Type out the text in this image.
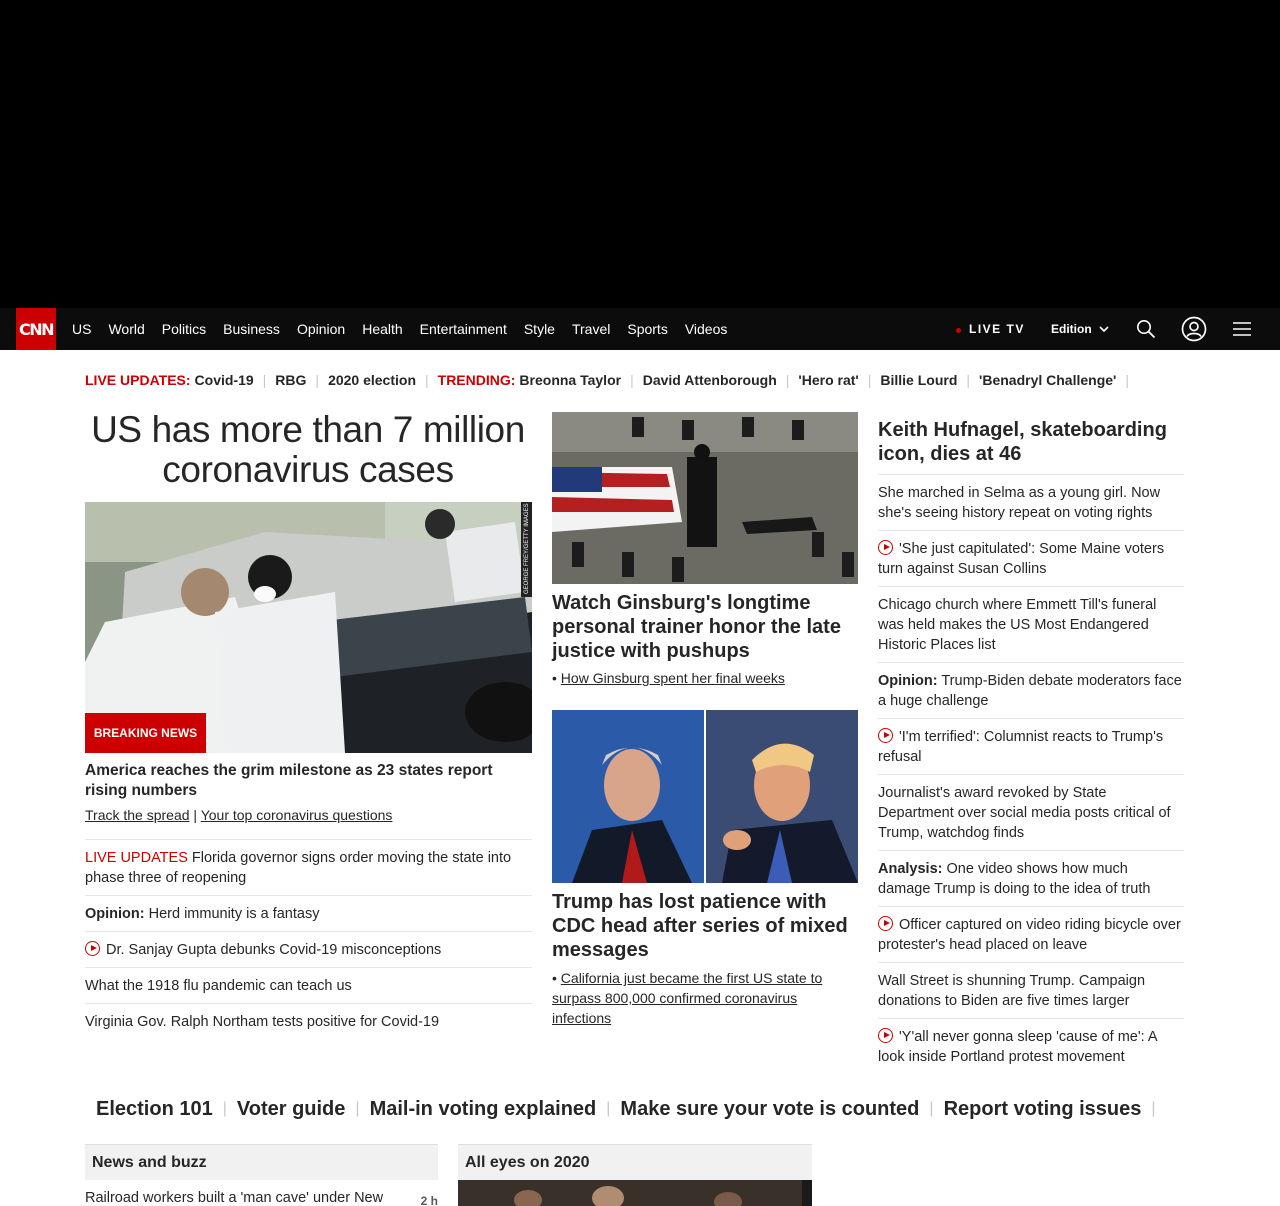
CNN US World Politics Business Opinion Health Entertainment Style Travel Sports Videos	LIVE TV Edition
LIVE UPDATES: Covid-19 | RBG | 2020 election | TRENDING: Breonna Taylor | David Attenborough | 'Hero rat' | Billie Lourd | 'Benadryl Challenge' |
US has more than 7 million coronavirus cases
GEORGE FREY/GETTY IMAGES
BREAKING NEWS
America reaches the grim milestone as 23 states report rising numbers
Track the spread | Your top coronavirus questions
LIVE UPDATES Florida governor signs order moving the state into phase three of reopening
Opinion: Herd immunity is a fantasy
Dr. Sanjay Gupta debunks Covid-19 misconceptions
What the 1918 flu pandemic can teach us
Virginia Gov. Ralph Northam tests positive for Covid-19
Watch Ginsburg's longtime personal trainer honor the late justice with pushups
• How Ginsburg spent her final weeks
Trump has lost patience with CDC head after series of mixed messages
• California just became the first US state to surpass 800,000 confirmed coronavirus infections
Keith Hufnagel, skateboarding icon, dies at 46
She marched in Selma as a young girl. Now she's seeing history repeat on voting rights
'She just capitulated': Some Maine voters turn against Susan Collins
Chicago church where Emmett Till's funeral was held makes the US Most Endangered Historic Places list
Opinion: Trump-Biden debate moderators face a huge challenge
'I'm terrified': Columnist reacts to Trump's refusal
Journalist's award revoked by State Department over social media posts critical of Trump, watchdog finds
Analysis: One video shows how much damage Trump is doing to the idea of truth
Officer captured on video riding bicycle over protester's head placed on leave
Wall Street is shunning Trump. Campaign donations to Biden are five times larger
'Y'all never gonna sleep 'cause of me': A look inside Portland protest movement
Election 101 | Voter guide | Mail-in voting explained | Make sure your vote is counted | Report voting issues |
News and buzz
Railroad workers built a 'man cave' under New	2 h
All eyes on 2020
